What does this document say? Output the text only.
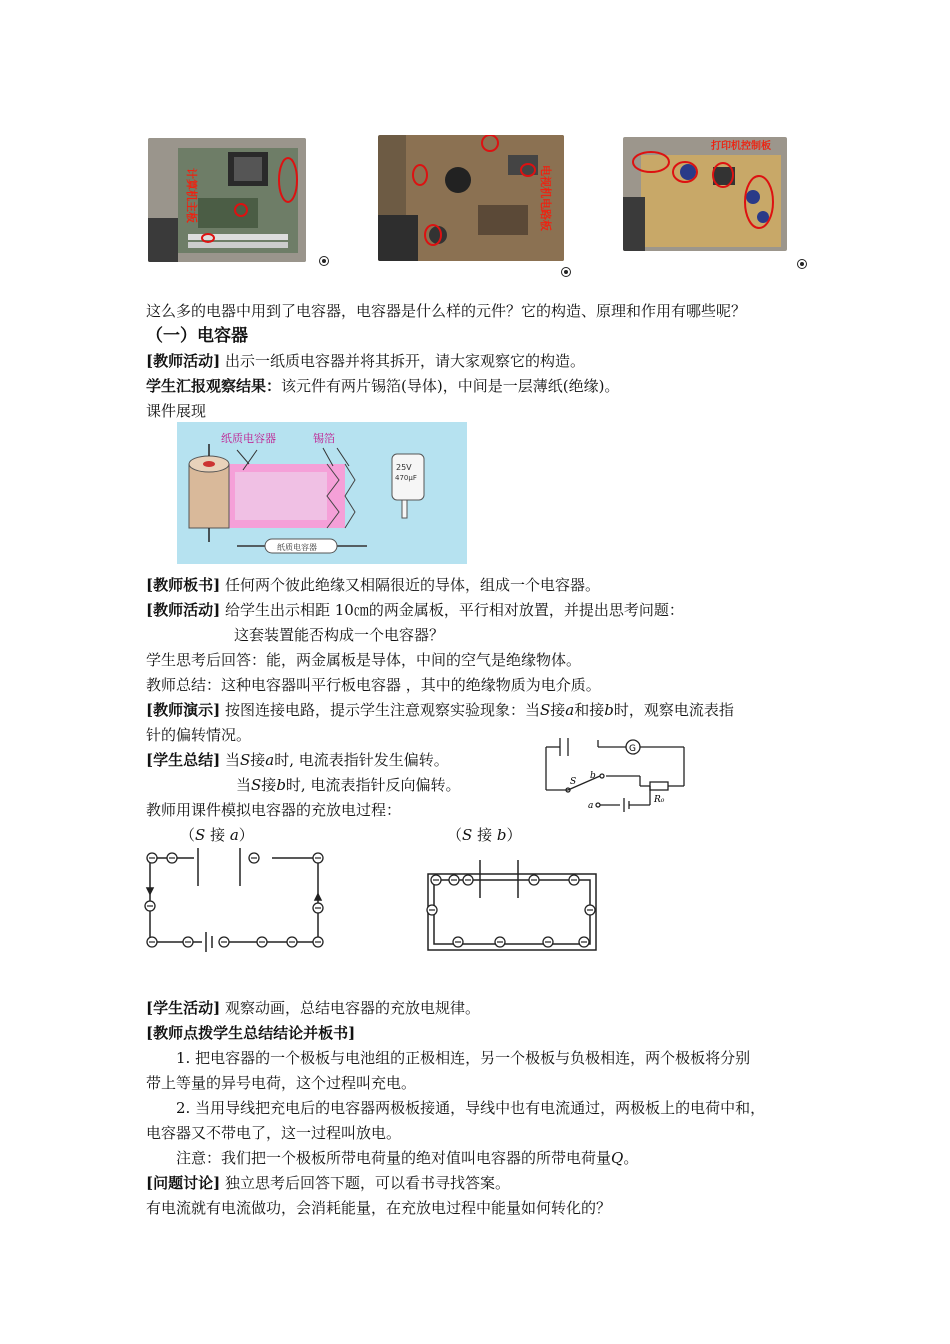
计算机主板	电视机电路板
打印机控制板
这么多的电器中用到了电容器，电容器是什么样的元件？它的构造、原理和作用有哪些呢？
（一）电容器
[教师活动] 出示一纸质电容器并将其拆开，请大家观察它的构造。
学生汇报观察结果：该元件有两片锡箔(导体)，中间是一层薄纸(绝缘)。
课件展现
纸质电容器	锡箔
25V
470μF
纸质电容器
[教师板书] 任何两个彼此绝缘又相隔很近的导体，组成一个电容器。
[教师活动] 给学生出示相距 10㎝的两金属板，平行相对放置，并提出思考问题：
这套装置能否构成一个电容器？
学生思考后回答：能，两金属板是导体，中间的空气是绝缘物体。
教师总结：这种电容器叫平行板电容器 ，其中的绝缘物质为电介质。
[教师演示] 按图连接电路，提示学生注意观察实验现象：当S接a和接b时，观察电流表指
针的偏转情况。
[学生总结] 当S接a时, 电流表指针发生偏转。
当S接b时, 电流表指针反向偏转。
教师用课件模拟电容器的充放电过程：
G
S
b
a
R₀
（S 接 a）	（S 接 b）
[学生活动] 观察动画，总结电容器的充放电规律。
[教师点拨学生总结结论并板书]
1. 把电容器的一个极板与电池组的正极相连，另一个极板与负极相连，两个极板将分别
带上等量的异号电荷，这个过程叫充电。
2. 当用导线把充电后的电容器两极板接通，导线中也有电流通过，两极板上的电荷中和，
电容器又不带电了，这一过程叫放电。
注意：我们把一个极板所带电荷量的绝对值叫电容器的所带电荷量Q。
[问题讨论] 独立思考后回答下题，可以看书寻找答案。
有电流就有电流做功，会消耗能量，在充放电过程中能量如何转化的？
